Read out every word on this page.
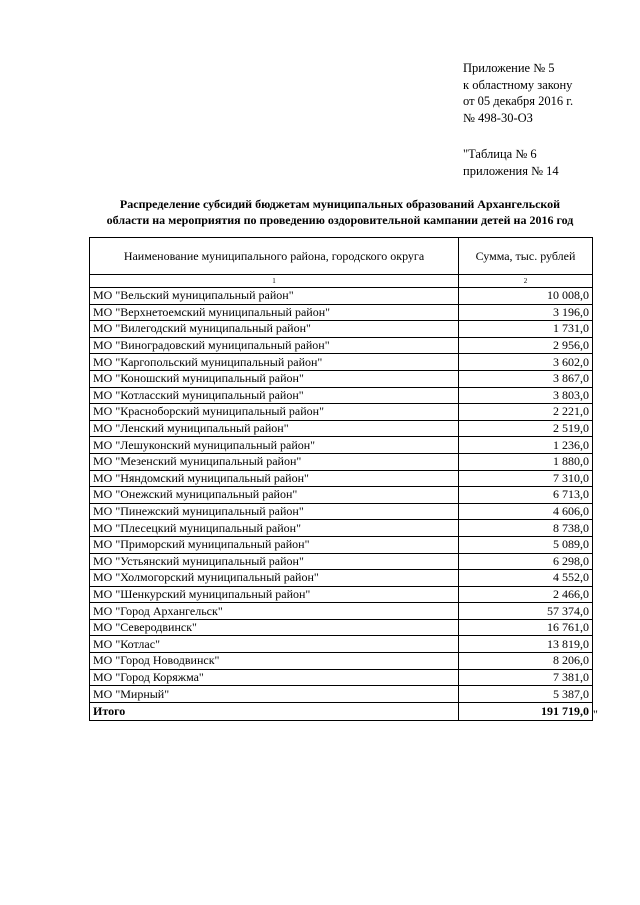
Приложение № 5
к областному закону
от 05 декабря 2016 г.
№ 498-30-ОЗ
"Таблица № 6
приложения № 14
Распределение субсидий бюджетам муниципальных образований Архангельской
области на мероприятия по проведению оздоровительной кампании детей на 2016 год
Наименование муниципального района, городского округа	Сумма, тыс. рублей
1	2
МО "Вельский муниципальный район"	10 008,0
МО "Верхнетоемский муниципальный район"	3 196,0
МО "Вилегодский муниципальный район"	1 731,0
МО "Виноградовский муниципальный район"	2 956,0
МО "Каргопольский муниципальный район"	3 602,0
МО "Коношский муниципальный район"	3 867,0
МО "Котласский муниципальный район"	3 803,0
МО "Красноборский муниципальный район"	2 221,0
МО "Ленский муниципальный район"	2 519,0
МО "Лешуконский муниципальный район"	1 236,0
МО "Мезенский муниципальный район"	1 880,0
МО "Няндомский муниципальный район"	7 310,0
МО "Онежский муниципальный район"	6 713,0
МО "Пинежский муниципальный район"	4 606,0
МО "Плесецкий муниципальный район"	8 738,0
МО "Приморский муниципальный район"	5 089,0
МО "Устьянский муниципальный район"	6 298,0
МО "Холмогорский муниципальный район"	4 552,0
МО "Шенкурский муниципальный район"	2 466,0
МО "Город Архангельск"	57 374,0
МО "Северодвинск"	16 761,0
МО "Котлас"	13 819,0
МО "Город Новодвинск"	8 206,0
МО "Город Коряжма"	7 381,0
МО "Мирный"	5 387,0
Итого	191 719,0 "
